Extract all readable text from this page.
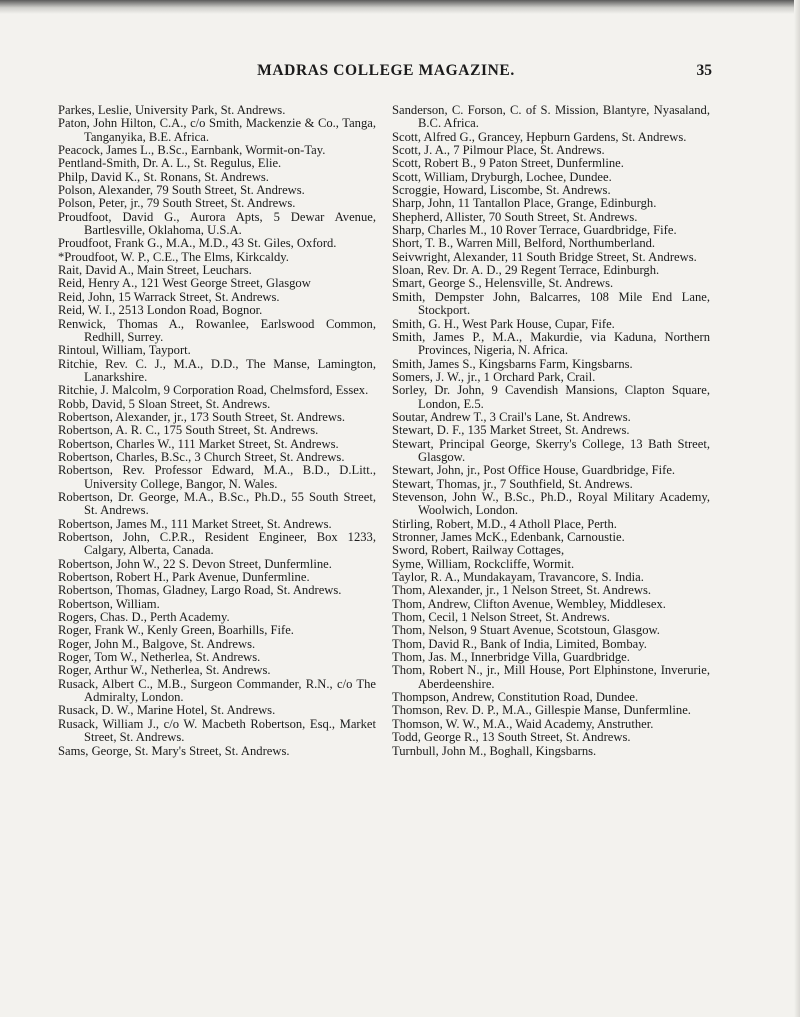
MADRAS COLLEGE MAGAZINE.	35
Parkes, Leslie, University Park, St. Andrews.
Paton, John Hilton, C.A., c/o Smith, Mackenzie & Co., Tanga, Tanganyika, B.E. Africa.
Peacock, James L., B.Sc., Earnbank, Wormit-on-Tay.
Pentland-Smith, Dr. A. L., St. Regulus, Elie.
Philp, David K., St. Ronans, St. Andrews.
Polson, Alexander, 79 South Street, St. Andrews.
Polson, Peter, jr., 79 South Street, St. Andrews.
Proudfoot, David G., Aurora Apts, 5 Dewar Avenue, Bartlesville, Oklahoma, U.S.A.
Proudfoot, Frank G., M.A., M.D., 43 St. Giles, Oxford.
*Proudfoot, W. P., C.E., The Elms, Kirkcaldy.
Rait, David A., Main Street, Leuchars.
Reid, Henry A., 121 West George Street, Glasgow
Reid, John, 15 Warrack Street, St. Andrews.
Reid, W. I., 2513 London Road, Bognor.
Renwick, Thomas A., Rowanlee, Earlswood Common, Redhill, Surrey.
Rintoul, William, Tayport.
Ritchie, Rev. C. J., M.A., D.D., The Manse, Lamington, Lanarkshire.
Ritchie, J. Malcolm, 9 Corporation Road, Chelmsford, Essex.
Robb, David, 5 Sloan Street, St. Andrews.
Robertson, Alexander, jr., 173 South Street, St. Andrews.
Robertson, A. R. C., 175 South Street, St. Andrews.
Robertson, Charles W., 111 Market Street, St. Andrews.
Robertson, Charles, B.Sc., 3 Church Street, St. Andrews.
Robertson, Rev. Professor Edward, M.A., B.D., D.Litt., University College, Bangor, N. Wales.
Robertson, Dr. George, M.A., B.Sc., Ph.D., 55 South Street, St. Andrews.
Robertson, James M., 111 Market Street, St. Andrews.
Robertson, John, C.P.R., Resident Engineer, Box 1233, Calgary, Alberta, Canada.
Robertson, John W., 22 S. Devon Street, Dunfermline.
Robertson, Robert H., Park Avenue, Dunfermline.
Robertson, Thomas, Gladney, Largo Road, St. Andrews.
Robertson, William.
Rogers, Chas. D., Perth Academy.
Roger, Frank W., Kenly Green, Boarhills, Fife.
Roger, John M., Balgove, St. Andrews.
Roger, Tom W., Netherlea, St. Andrews.
Roger, Arthur W., Netherlea, St. Andrews.
Rusack, Albert C., M.B., Surgeon Commander, R.N., c/o The Admiralty, London.
Rusack, D. W., Marine Hotel, St. Andrews.
Rusack, William J., c/o W. Macbeth Robertson, Esq., Market Street, St. Andrews.
Sams, George, St. Mary's Street, St. Andrews.
Sanderson, C. Forson, C. of S. Mission, Blantyre, Nyasaland, B.C. Africa.
Scott, Alfred G., Grancey, Hepburn Gardens, St. Andrews.
Scott, J. A., 7 Pilmour Place, St. Andrews.
Scott, Robert B., 9 Paton Street, Dunfermline.
Scott, William, Dryburgh, Lochee, Dundee.
Scroggie, Howard, Liscombe, St. Andrews.
Sharp, John, 11 Tantallon Place, Grange, Edinburgh.
Shepherd, Allister, 70 South Street, St. Andrews.
Sharp, Charles M., 10 Rover Terrace, Guardbridge, Fife.
Short, T. B., Warren Mill, Belford, Northumberland.
Seivwright, Alexander, 11 South Bridge Street, St. Andrews.
Sloan, Rev. Dr. A. D., 29 Regent Terrace, Edinburgh.
Smart, George S., Helensville, St. Andrews.
Smith, Dempster John, Balcarres, 108 Mile End Lane, Stockport.
Smith, G. H., West Park House, Cupar, Fife.
Smith, James P., M.A., Makurdie, via Kaduna, Northern Provinces, Nigeria, N. Africa.
Smith, James S., Kingsbarns Farm, Kingsbarns.
Somers, J. W., jr., 1 Orchard Park, Crail.
Sorley, Dr. John, 9 Cavendish Mansions, Clapton Square, London, E.5.
Soutar, Andrew T., 3 Crail's Lane, St. Andrews.
Stewart, D. F., 135 Market Street, St. Andrews.
Stewart, Principal George, Skerry's College, 13 Bath Street, Glasgow.
Stewart, John, jr., Post Office House, Guardbridge, Fife.
Stewart, Thomas, jr., 7 Southfield, St. Andrews.
Stevenson, John W., B.Sc., Ph.D., Royal Military Academy, Woolwich, London.
Stirling, Robert, M.D., 4 Atholl Place, Perth.
Stronner, James McK., Edenbank, Carnoustie.
Sword, Robert, Railway Cottages,
Syme, William, Rockcliffe, Wormit.
Taylor, R. A., Mundakayam, Travancore, S. India.
Thom, Alexander, jr., 1 Nelson Street, St. Andrews.
Thom, Andrew, Clifton Avenue, Wembley, Middlesex.
Thom, Cecil, 1 Nelson Street, St. Andrews.
Thom, Nelson, 9 Stuart Avenue, Scotstoun, Glasgow.
Thom, David R., Bank of India, Limited, Bombay.
Thom, Jas. M., Innerbridge Villa, Guardbridge.
Thom, Robert N., jr., Mill House, Port Elphinstone, Inverurie, Aberdeenshire.
Thompson, Andrew, Constitution Road, Dundee.
Thomson, Rev. D. P., M.A., Gillespie Manse, Dunfermline.
Thomson, W. W., M.A., Waid Academy, Anstruther.
Todd, George R., 13 South Street, St. Andrews.
Turnbull, John M., Boghall, Kingsbarns.
